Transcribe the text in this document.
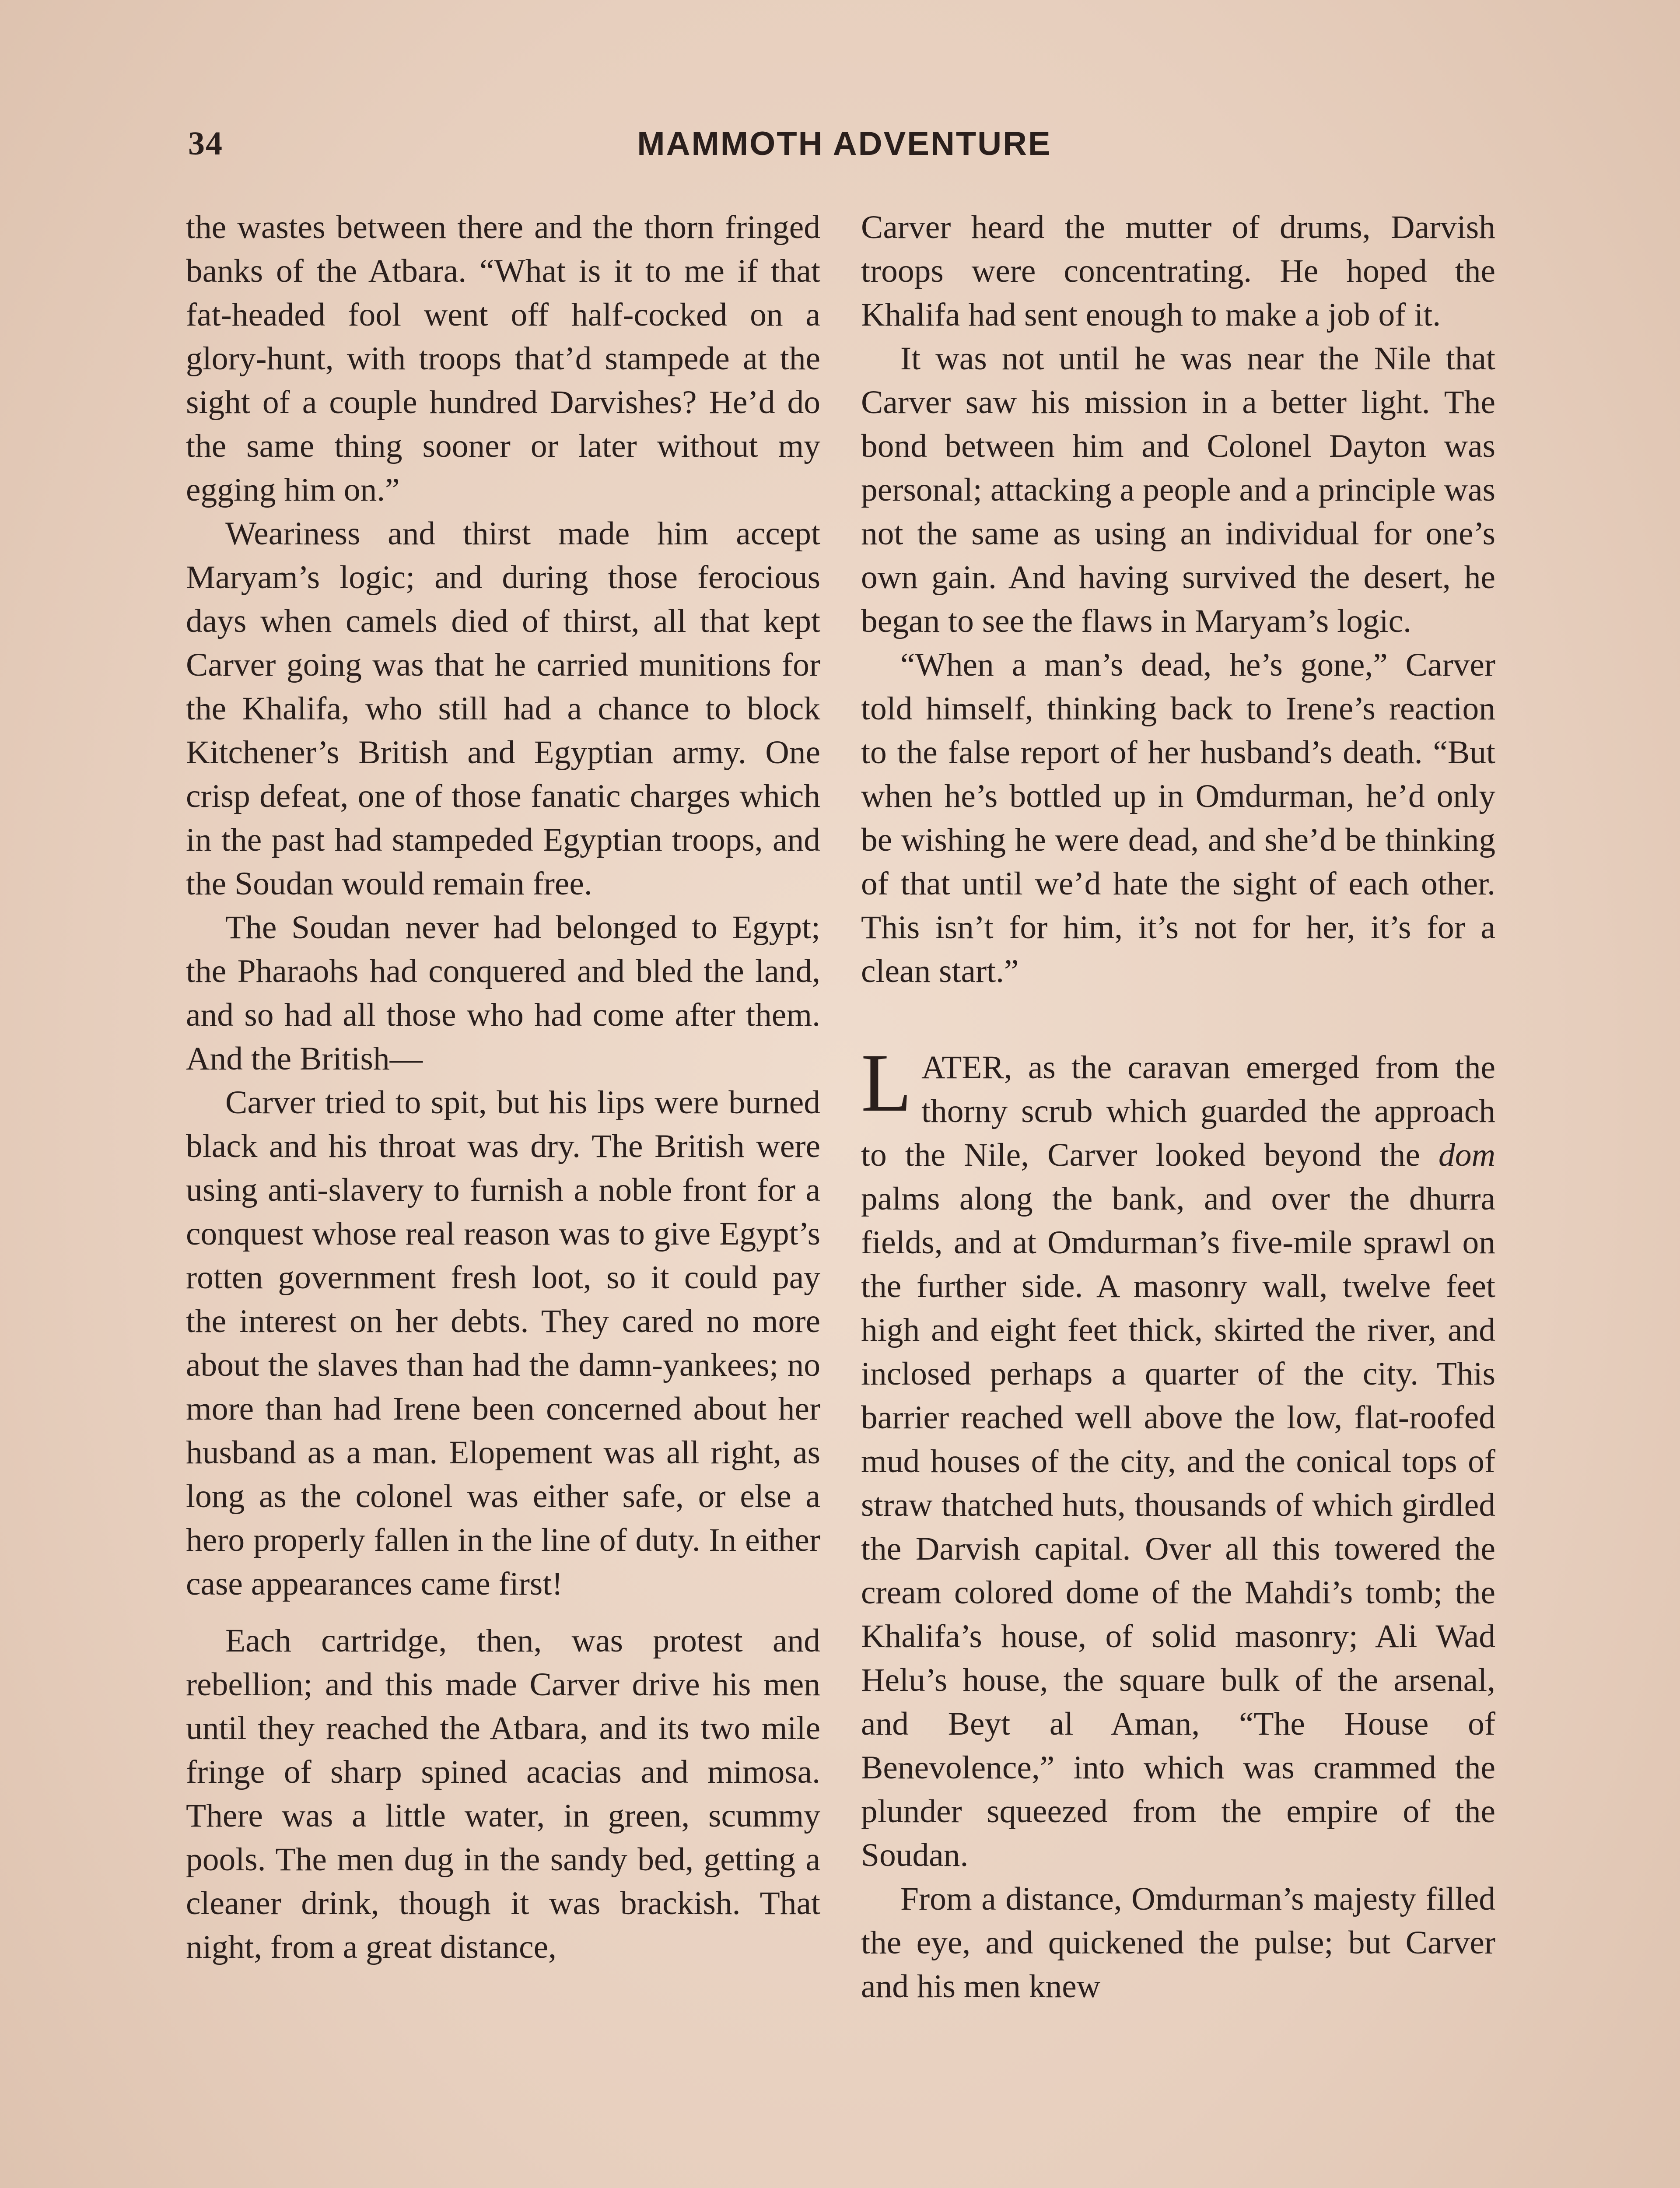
34	MAMMOTH ADVENTURE

the wastes between there and the thorn fringed banks of the Atbara. “What is it to me if that fat-headed fool went off half-cocked on a glory-hunt, with troops that’d stampede at the sight of a couple hundred Darvishes? He’d do the same thing sooner or later without my egging him on.”

Weariness and thirst made him accept Maryam’s logic; and during those ferocious days when camels died of thirst, all that kept Carver going was that he carried munitions for the Khalifa, who still had a chance to block Kitchener’s British and Egyptian army. One crisp defeat, one of those fanatic charges which in the past had stampeded Egyptian troops, and the Soudan would remain free.

The Soudan never had belonged to Egypt; the Pharaohs had conquered and bled the land, and so had all those who had come after them. And the British—

Carver tried to spit, but his lips were burned black and his throat was dry. The British were using anti-slavery to furnish a noble front for a conquest whose real reason was to give Egypt’s rotten government fresh loot, so it could pay the interest on her debts. They cared no more about the slaves than had the damn-yankees; no more than had Irene been concerned about her husband as a man. Elopement was all right, as long as the colonel was either safe, or else a hero properly fallen in the line of duty. In either case appearances came first!

Each cartridge, then, was protest and rebellion; and this made Carver drive his men until they reached the Atbara, and its two mile fringe of sharp spined acacias and mimosa. There was a little water, in green, scummy pools. The men dug in the sandy bed, getting a cleaner drink, though it was brackish. That night, from a great distance,

Carver heard the mutter of drums, Darvish troops were concentrating. He hoped the Khalifa had sent enough to make a job of it.

It was not until he was near the Nile that Carver saw his mission in a better light. The bond between him and Colonel Dayton was personal; attacking a people and a principle was not the same as using an individual for one’s own gain. And having survived the desert, he began to see the flaws in Maryam’s logic.

“When a man’s dead, he’s gone,” Carver told himself, thinking back to Irene’s reaction to the false report of her husband’s death. “But when he’s bottled up in Omdurman, he’d only be wishing he were dead, and she’d be thinking of that until we’d hate the sight of each other. This isn’t for him, it’s not for her, it’s for a clean start.”

LATER, as the caravan emerged from the thorny scrub which guarded the approach to the Nile, Carver looked beyond the dom palms along the bank, and over the dhurra fields, and at Omdurman’s five-mile sprawl on the further side. A masonry wall, twelve feet high and eight feet thick, skirted the river, and inclosed perhaps a quarter of the city. This barrier reached well above the low, flat-roofed mud houses of the city, and the conical tops of straw thatched huts, thousands of which girdled the Darvish capital. Over all this towered the cream colored dome of the Mahdi’s tomb; the Khalifa’s house, of solid masonry; Ali Wad Helu’s house, the square bulk of the arsenal, and Beyt al Aman, “The House of Benevolence,” into which was crammed the plunder squeezed from the empire of the Soudan.

From a distance, Omdurman’s majesty filled the eye, and quickened the pulse; but Carver and his men knew
